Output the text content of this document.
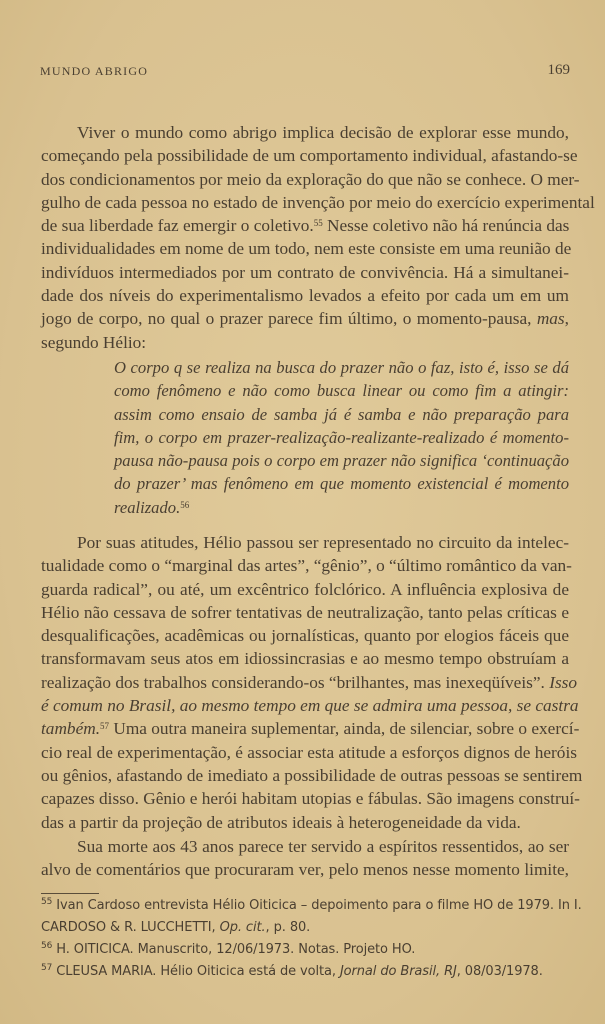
MUNDO ABRIGO	169
Viver o mundo como abrigo implica decisão de explorar esse mundo,
começando pela possibilidade de um comportamento individual, afastando-se
dos condicionamentos por meio da exploração do que não se conhece. O mer-
gulho de cada pessoa no estado de invenção por meio do exercício experimental
de sua liberdade faz emergir o coletivo.$^{55}$ Nesse coletivo não há renúncia das
individualidades em nome de um todo, nem este consiste em uma reunião de
indivíduos intermediados por um contrato de convivência. Há a simultanei-
dade dos níveis do experimentalismo levados a efeito por cada um em um
jogo de corpo, no qual o prazer parece fim último, o momento-pausa, mas,
segundo Hélio:
O corpo q se realiza na busca do prazer não o faz, isto é, isso se dá
como fenômeno e não como busca linear ou como fim a atingir:
assim como ensaio de samba já é samba e não preparação para
fim, o corpo em prazer-realização-realizante-realizado é momento-
pausa não-pausa pois o corpo em prazer não significa ‘continuação
do prazer’ mas fenômeno em que momento existencial é momento
realizado.$^{56}$
Por suas atitudes, Hélio passou ser representado no circuito da intelec-
tualidade como o “marginal das artes”, “gênio”, o “último romântico da van-
guarda radical”, ou até, um excêntrico folclórico. A influência explosiva de
Hélio não cessava de sofrer tentativas de neutralização, tanto pelas críticas e
desqualificações, acadêmicas ou jornalísticas, quanto por elogios fáceis que
transformavam seus atos em idiossincrasias e ao mesmo tempo obstruíam a
realização dos trabalhos considerando-os “brilhantes, mas inexeqüíveis”. Isso
é comum no Brasil, ao mesmo tempo em que se admira uma pessoa, se castra
também.$^{57}$ Uma outra maneira suplementar, ainda, de silenciar, sobre o exercí-
cio real de experimentação, é associar esta atitude a esforços dignos de heróis
ou gênios, afastando de imediato a possibilidade de outras pessoas se sentirem
capazes disso. Gênio e herói habitam utopias e fábulas. São imagens construí-
das a partir da projeção de atributos ideais à heterogeneidade da vida.
Sua morte aos 43 anos parece ter servido a espíritos ressentidos, ao ser
alvo de comentários que procuraram ver, pelo menos nesse momento limite,
$^{55}$ Ivan Cardoso entrevista Hélio Oiticica – depoimento para o filme HO de 1979. In I.
CARDOSO & R. LUCCHETTI, Op. cit., p. 80.
$^{56}$ H. OITICICA. Manuscrito, 12/06/1973. Notas. Projeto HO.
$^{57}$ CLEUSA MARIA. Hélio Oiticica está de volta, Jornal do Brasil, RJ, 08/03/1978.
